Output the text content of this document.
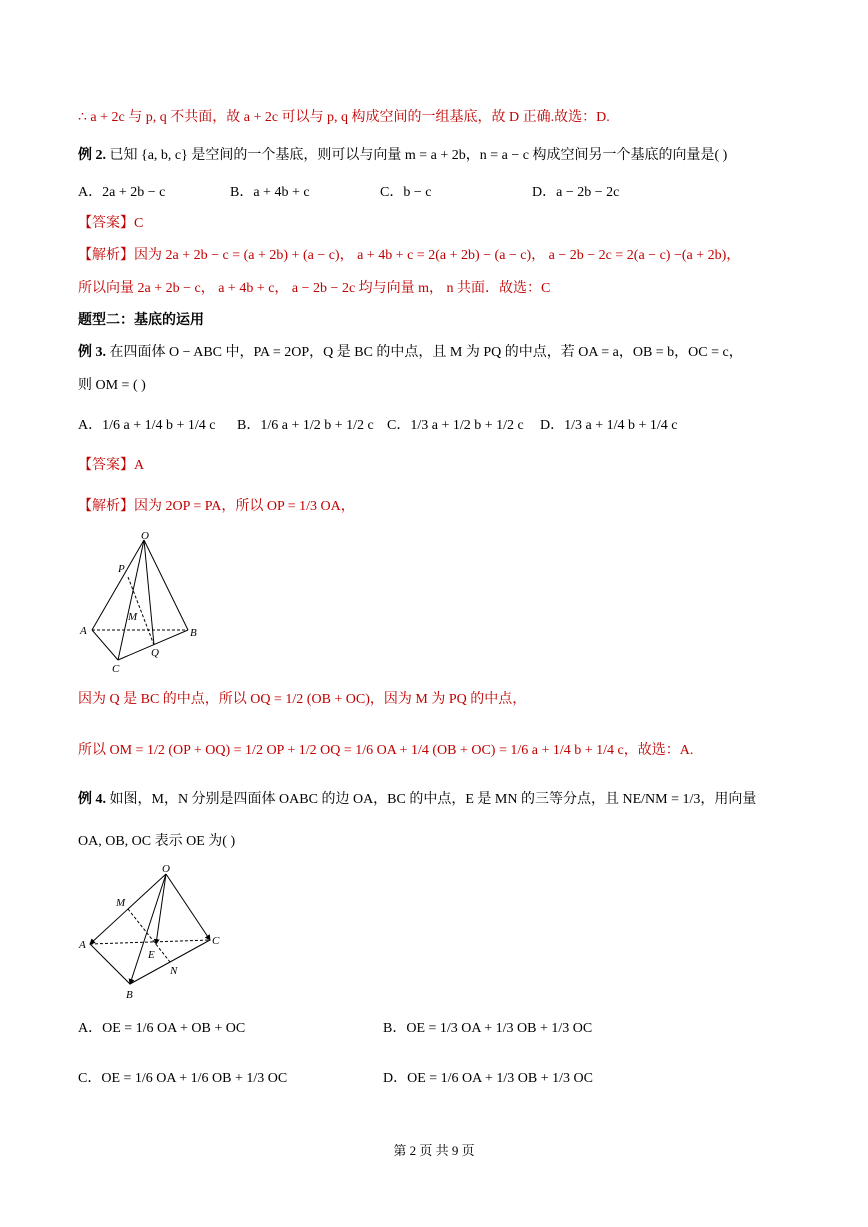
∴ a + 2c 与 p, q 不共面，故 a + 2c 可以与 p, q 构成空间的一组基底，故 D 正确.故选：D.
例 2. 已知 {a, b, c} 是空间的一个基底，则可以与向量 m = a + 2b，n = a − c 构成空间另一个基底的向量是( )
A．2a + 2b − c	B．a + 4b + c	C．b − c	D．a − 2b − 2c
【答案】C
【解析】因为 2a + 2b − c = (a + 2b) + (a − c)， a + 4b + c = 2(a + 2b) − (a − c)， a − 2b − 2c = 2(a − c) −(a + 2b)，
所以向量 2a + 2b − c， a + 4b + c， a − 2b − 2c 均与向量 m， n 共面．故选：C
题型二：基底的运用
例 3. 在四面体 O − ABC 中，PA = 2OP，Q 是 BC 的中点，且 M 为 PQ 的中点，若 OA = a，OB = b，OC = c，
则 OM = ( )
A．1/6 a + 1/4 b + 1/4 c B．1/6 a + 1/2 b + 1/2 c C．1/3 a + 1/2 b + 1/2 c D．1/3 a + 1/4 b + 1/4 c
【答案】A
【解析】因为 2OP = PA，所以 OP = 1/3 OA，
O
P
M
A	B
C
Q
因为 Q 是 BC 的中点，所以 OQ = 1/2 (OB + OC)，因为 M 为 PQ 的中点，
所以 OM = 1/2 (OP + OQ) = 1/2 OP + 1/2 OQ = 1/6 OA + 1/4 (OB + OC) = 1/6 a + 1/4 b + 1/4 c，故选：A.
例 4. 如图，M，N 分别是四面体 OABC 的边 OA，BC 的中点，E 是 MN 的三等分点，且 NE/NM = 1/3，用向量
OA, OB, OC 表示 OE 为( )
O
M
A	C
E
N
B
A．OE = 1/6 OA + OB + OC	B．OE = 1/3 OA + 1/3 OB + 1/3 OC
C．OE = 1/6 OA + 1/6 OB + 1/3 OC	D．OE = 1/6 OA + 1/3 OB + 1/3 OC
第 2 页 共 9 页
